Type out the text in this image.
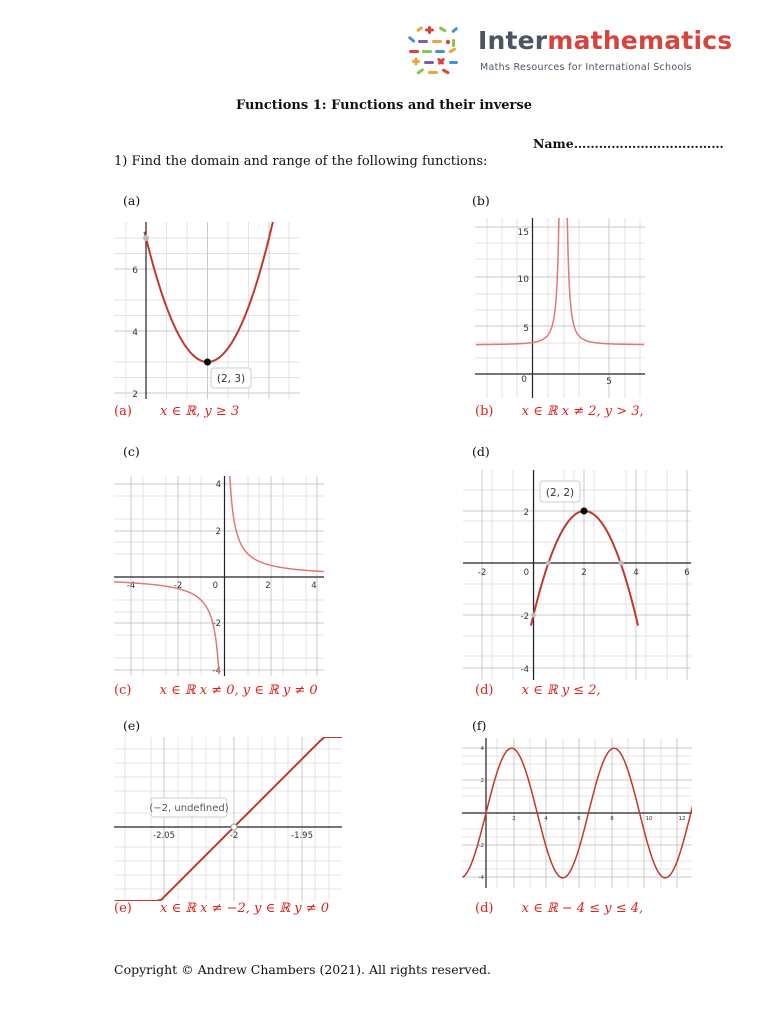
Intermathematics
Maths Resources for International Schools
Functions 1: Functions and their inverse
Name………………………………
1) Find the domain and range of the following functions:
(a)	(b)
(c)	(d)
(e)	(f)
6
4
2
(2, 3)
15
10
5
0	5
-4	-2	0	2	4
4
2
-2
-4
-2	0	2	4	6
2
-2
-4
(2, 2)
-2.05	-2	-1.95
(−2, undefined)
2	4	6	8	10	12
4
2
-2
-4
(a) x ∈ ℝ, y ≥ 3	(b) x ∈ ℝ x ≠ 2, y > 3,
(c) x ∈ ℝ x ≠ 0, y ∈ ℝ y ≠ 0	(d) x ∈ ℝ y ≤ 2,
(e) x ∈ ℝ x ≠ −2, y ∈ ℝ y ≠ 0	(d) x ∈ ℝ − 4 ≤ y ≤ 4,
Copyright © Andrew Chambers (2021). All rights reserved.
